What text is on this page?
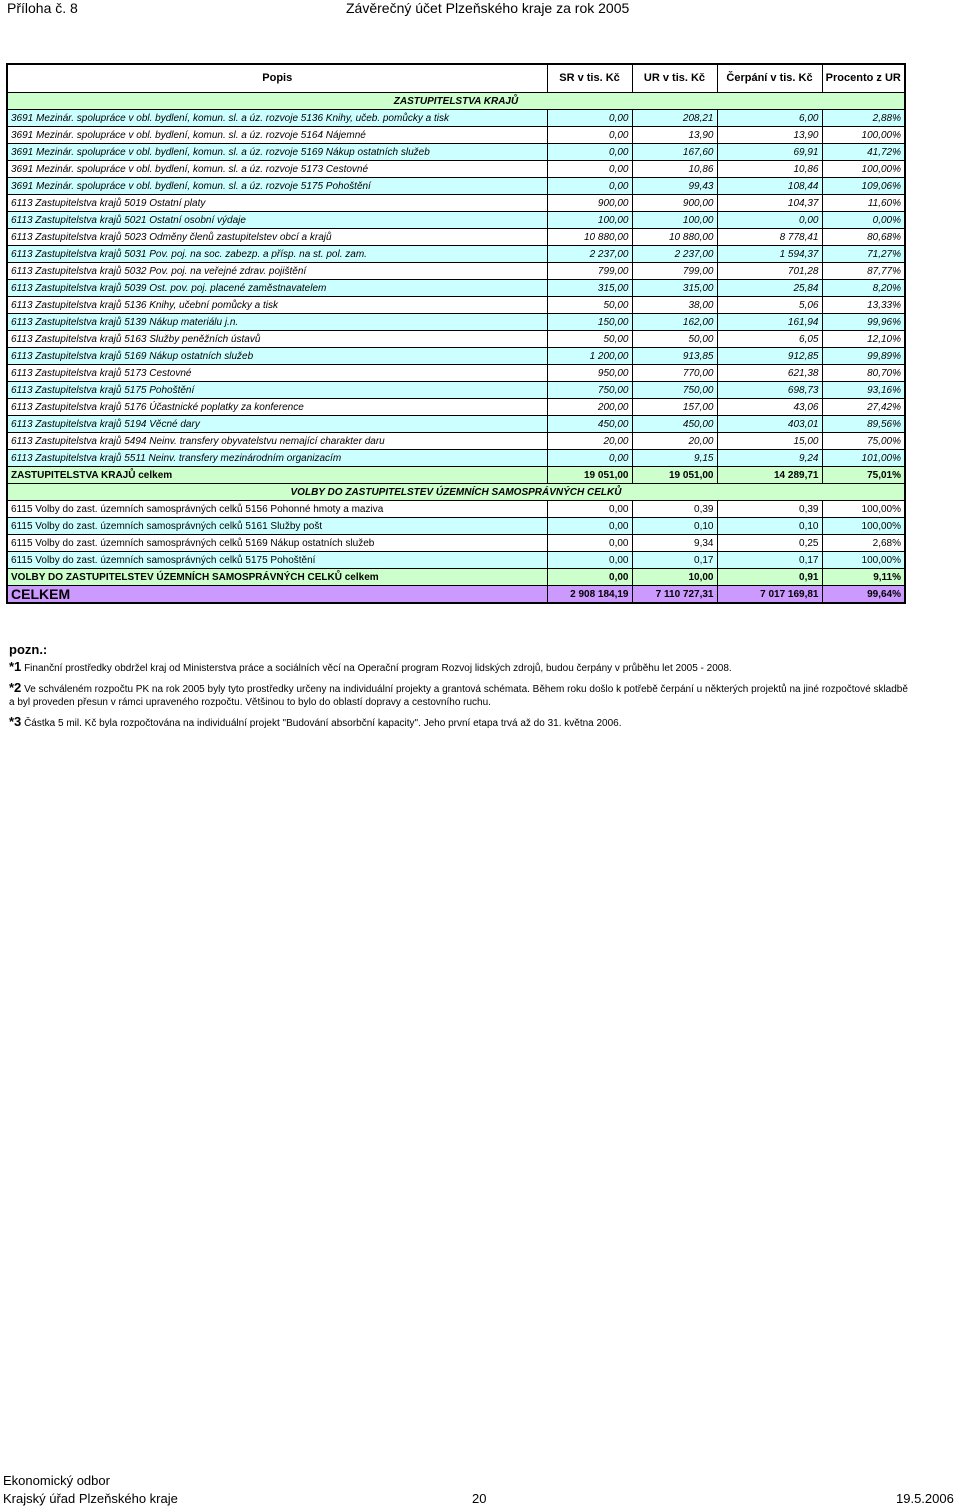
Příloha č. 8	Závěrečný účet Plzeňského kraje za rok 2005
Popis	SR v tis. Kč	UR v tis. Kč	Čerpání v tis. Kč	Procento z UR
ZASTUPITELSTVA KRAJŮ				
3691 Mezinár. spolupráce v obl. bydlení, komun. sl. a úz. rozvoje 5136 Knihy, učeb. pomůcky a tisk	0,00	208,21	6,00	2,88%
3691 Mezinár. spolupráce v obl. bydlení, komun. sl. a úz. rozvoje 5164 Nájemné	0,00	13,90	13,90	100,00%
3691 Mezinár. spolupráce v obl. bydlení, komun. sl. a úz. rozvoje 5169 Nákup ostatních služeb	0,00	167,60	69,91	41,72%
3691 Mezinár. spolupráce v obl. bydlení, komun. sl. a úz. rozvoje 5173 Cestovné	0,00	10,86	10,86	100,00%
3691 Mezinár. spolupráce v obl. bydlení, komun. sl. a úz. rozvoje 5175 Pohoštění	0,00	99,43	108,44	109,06%
6113 Zastupitelstva krajů 5019 Ostatní platy	900,00	900,00	104,37	11,60%
6113 Zastupitelstva krajů 5021 Ostatní osobní výdaje	100,00	100,00	0,00	0,00%
6113 Zastupitelstva krajů 5023 Odměny členů zastupitelstev obcí a krajů	10 880,00	10 880,00	8 778,41	80,68%
6113 Zastupitelstva krajů 5031 Pov. poj. na soc. zabezp. a přísp. na st. pol. zam.	2 237,00	2 237,00	1 594,37	71,27%
6113 Zastupitelstva krajů 5032 Pov. poj. na veřejné zdrav. pojištění	799,00	799,00	701,28	87,77%
6113 Zastupitelstva krajů 5039 Ost. pov. poj. placené zaměstnavatelem	315,00	315,00	25,84	8,20%
6113 Zastupitelstva krajů 5136 Knihy, učební pomůcky a tisk	50,00	38,00	5,06	13,33%
6113 Zastupitelstva krajů 5139 Nákup materiálu j.n.	150,00	162,00	161,94	99,96%
6113 Zastupitelstva krajů 5163 Služby peněžních ústavů	50,00	50,00	6,05	12,10%
6113 Zastupitelstva krajů 5169 Nákup ostatních služeb	1 200,00	913,85	912,85	99,89%
6113 Zastupitelstva krajů 5173 Cestovné	950,00	770,00	621,38	80,70%
6113 Zastupitelstva krajů 5175 Pohoštění	750,00	750,00	698,73	93,16%
6113 Zastupitelstva krajů 5176 Účastnické poplatky za konference	200,00	157,00	43,06	27,42%
6113 Zastupitelstva krajů 5194 Věcné dary	450,00	450,00	403,01	89,56%
6113 Zastupitelstva krajů 5494 Neinv. transfery obyvatelstvu nemající charakter daru	20,00	20,00	15,00	75,00%
6113 Zastupitelstva krajů 5511 Neinv. transfery mezinárodním organizacím	0,00	9,15	9,24	101,00%
ZASTUPITELSTVA KRAJŮ celkem	19 051,00	19 051,00	14 289,71	75,01%
VOLBY DO ZASTUPITELSTEV ÚZEMNÍCH SAMOSPRÁVNÝCH CELKŮ				
6115 Volby do zast. územních samosprávných celků 5156 Pohonné hmoty a maziva	0,00	0,39	0,39	100,00%
6115 Volby do zast. územních samosprávných celků 5161 Služby pošt	0,00	0,10	0,10	100,00%
6115 Volby do zast. územních samosprávných celků 5169 Nákup ostatních služeb	0,00	9,34	0,25	2,68%
6115 Volby do zast. územních samosprávných celků 5175 Pohoštění	0,00	0,17	0,17	100,00%
VOLBY DO ZASTUPITELSTEV ÚZEMNÍCH SAMOSPRÁVNÝCH CELKŮ celkem	0,00	10,00	0,91	9,11%
CELKEM	2 908 184,19	7 110 727,31	7 017 169,81	99,64%
pozn.:
*1 Finanční prostředky obdržel kraj od Ministerstva práce a sociálních věcí na Operační program Rozvoj lidských zdrojů, budou čerpány v průběhu let 2005 - 2008.
*2 Ve schváleném rozpočtu PK na rok 2005 byly tyto prostředky určeny na individuální projekty a grantová schémata. Během roku došlo k potřebě čerpání u některých projektů na jiné rozpočtové skladbě a byl proveden přesun v rámci upraveného rozpočtu. Většinou to bylo do oblastí dopravy a cestovního ruchu.
*3 Částka 5 mil. Kč byla rozpočtována na individuální projekt "Budování absorbční kapacity". Jeho první etapa trvá až do 31. května 2006.
Ekonomický odbor
Krajský úřad Plzeňského kraje	20	19.5.2006
